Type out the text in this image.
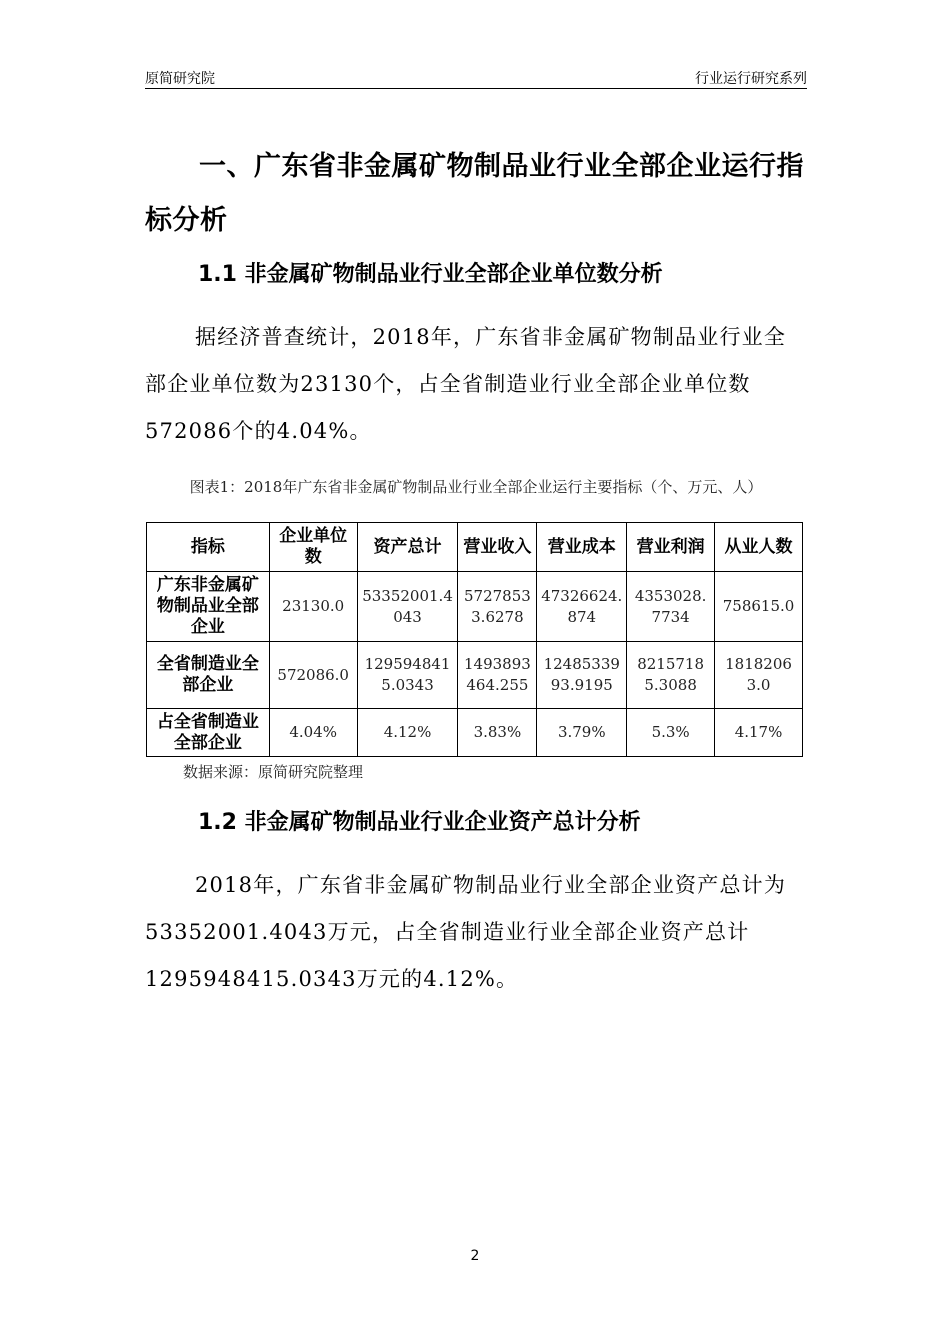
原简研究院	行业运行研究系列
一、广东省非金属矿物制品业行业全部企业运行指标分析
1.1 非金属矿物制品业行业全部企业单位数分析
据经济普查统计，2018年，广东省非金属矿物制品业行业全部企业单位数为23130个，占全省制造业行业全部企业单位数572086个的4.04%。
图表1：2018年广东省非金属矿物制品业行业全部企业运行主要指标（个、万元、人）
指标	企业单位数	资产总计	营业收入	营业成本	营业利润	从业人数
广东非金属矿物制品业全部企业	23130.0	53352001.4043	57278533.6278	47326624.874	4353028.7734	758615.0
全省制造业全部企业	572086.0	1295948415.0343	1493893464.255	1248533993.9195	82157185.3088	18182063.0
占全省制造业全部企业	4.04%	4.12%	3.83%	3.79%	5.3%	4.17%
数据来源：原简研究院整理
1.2 非金属矿物制品业行业企业资产总计分析
2018年，广东省非金属矿物制品业行业全部企业资产总计为53352001.4043万元，占全省制造业行业全部企业资产总计1295948415.0343万元的4.12%。
2
